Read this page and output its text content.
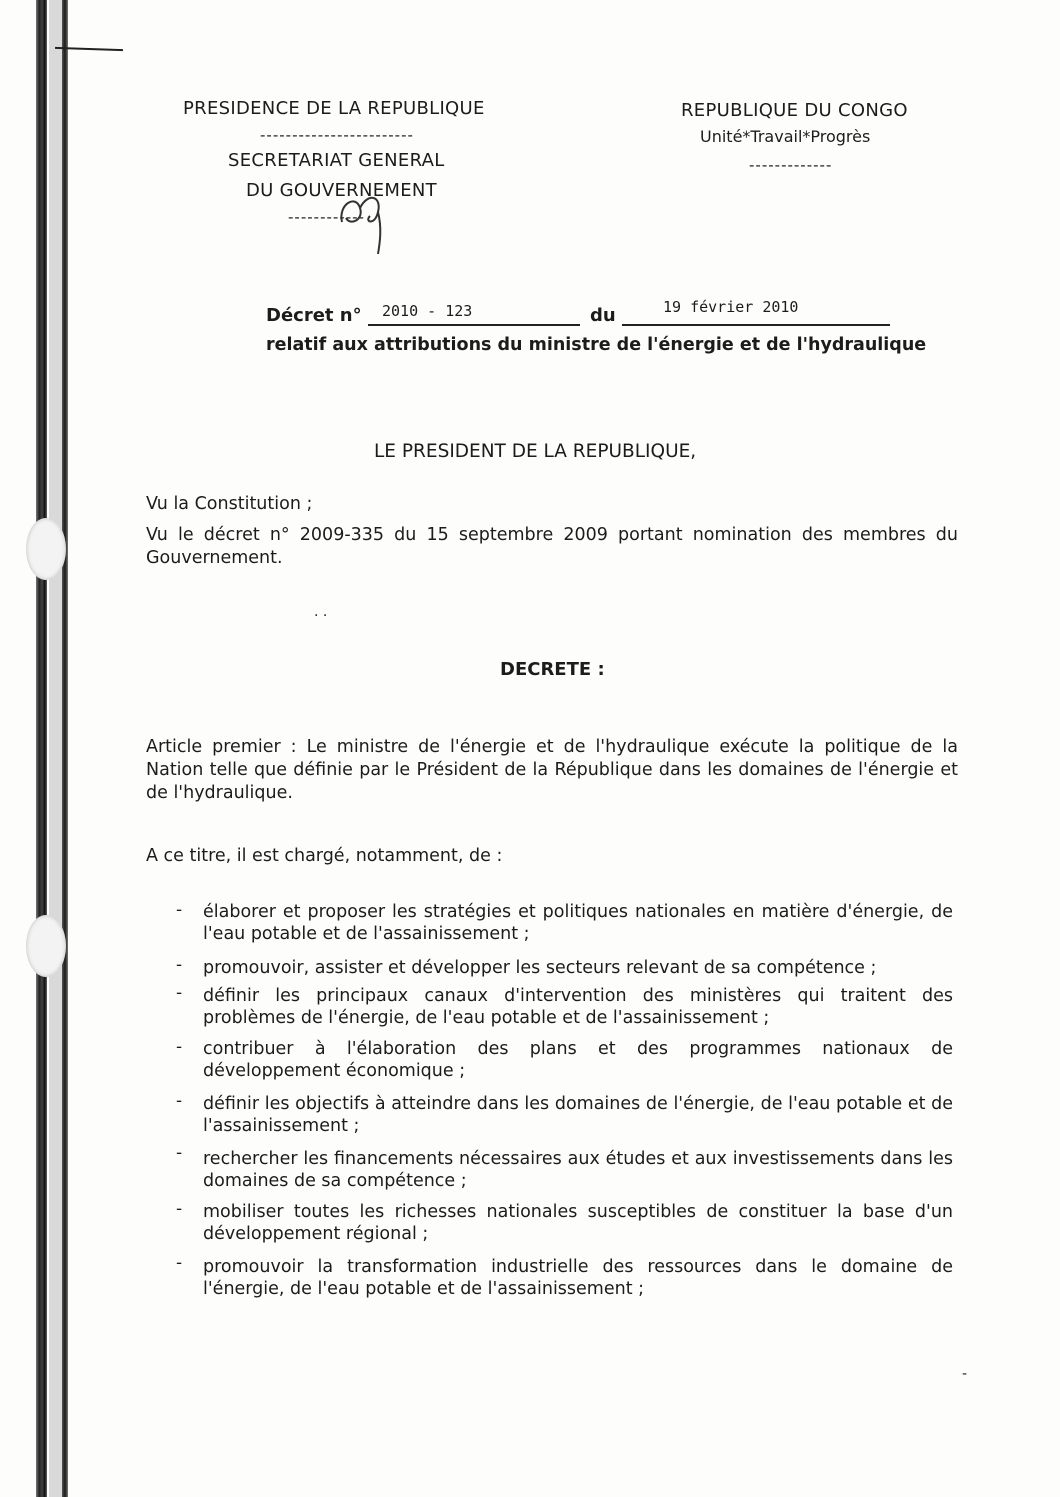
PRESIDENCE DE LA REPUBLIQUE
------------------------
SECRETARIAT GENERAL
DU GOUVERNEMENT
------------
REPUBLIQUE DU CONGO
Unité*Travail*Progrès
-------------
Décret n° 2010 - 123	du	19 février 2010
relatif aux attributions du ministre de l'énergie et de l'hydraulique
LE PRESIDENT DE LA REPUBLIQUE,
Vu la Constitution ;
Vu le décret n° 2009-335 du 15 septembre 2009 portant nomination des membres du Gouvernement.
· ·
DECRETE :
Article premier : Le ministre de l'énergie et de l'hydraulique exécute la politique de la Nation telle que définie par le Président de la République dans les domaines de l'énergie et de l'hydraulique.
A ce titre, il est chargé, notamment, de :
- élaborer et proposer les stratégies et politiques nationales en matière d'énergie, de l'eau potable et de l'assainissement ;
- promouvoir, assister et développer les secteurs relevant de sa compétence ;
- définir les principaux canaux d'intervention des ministères qui traitent des problèmes de l'énergie, de l'eau potable et de l'assainissement ;
- contribuer à l'élaboration des plans et des programmes nationaux de développement économique ;
- définir les objectifs à atteindre dans les domaines de l'énergie, de l'eau potable et de l'assainissement ;
- rechercher les financements nécessaires aux études et aux investissements dans les domaines de sa compétence ;
- mobiliser toutes les richesses nationales susceptibles de constituer la base d'un développement régional ;
- promouvoir la transformation industrielle des ressources dans le domaine de l'énergie, de l'eau potable et de l'assainissement ;
-
